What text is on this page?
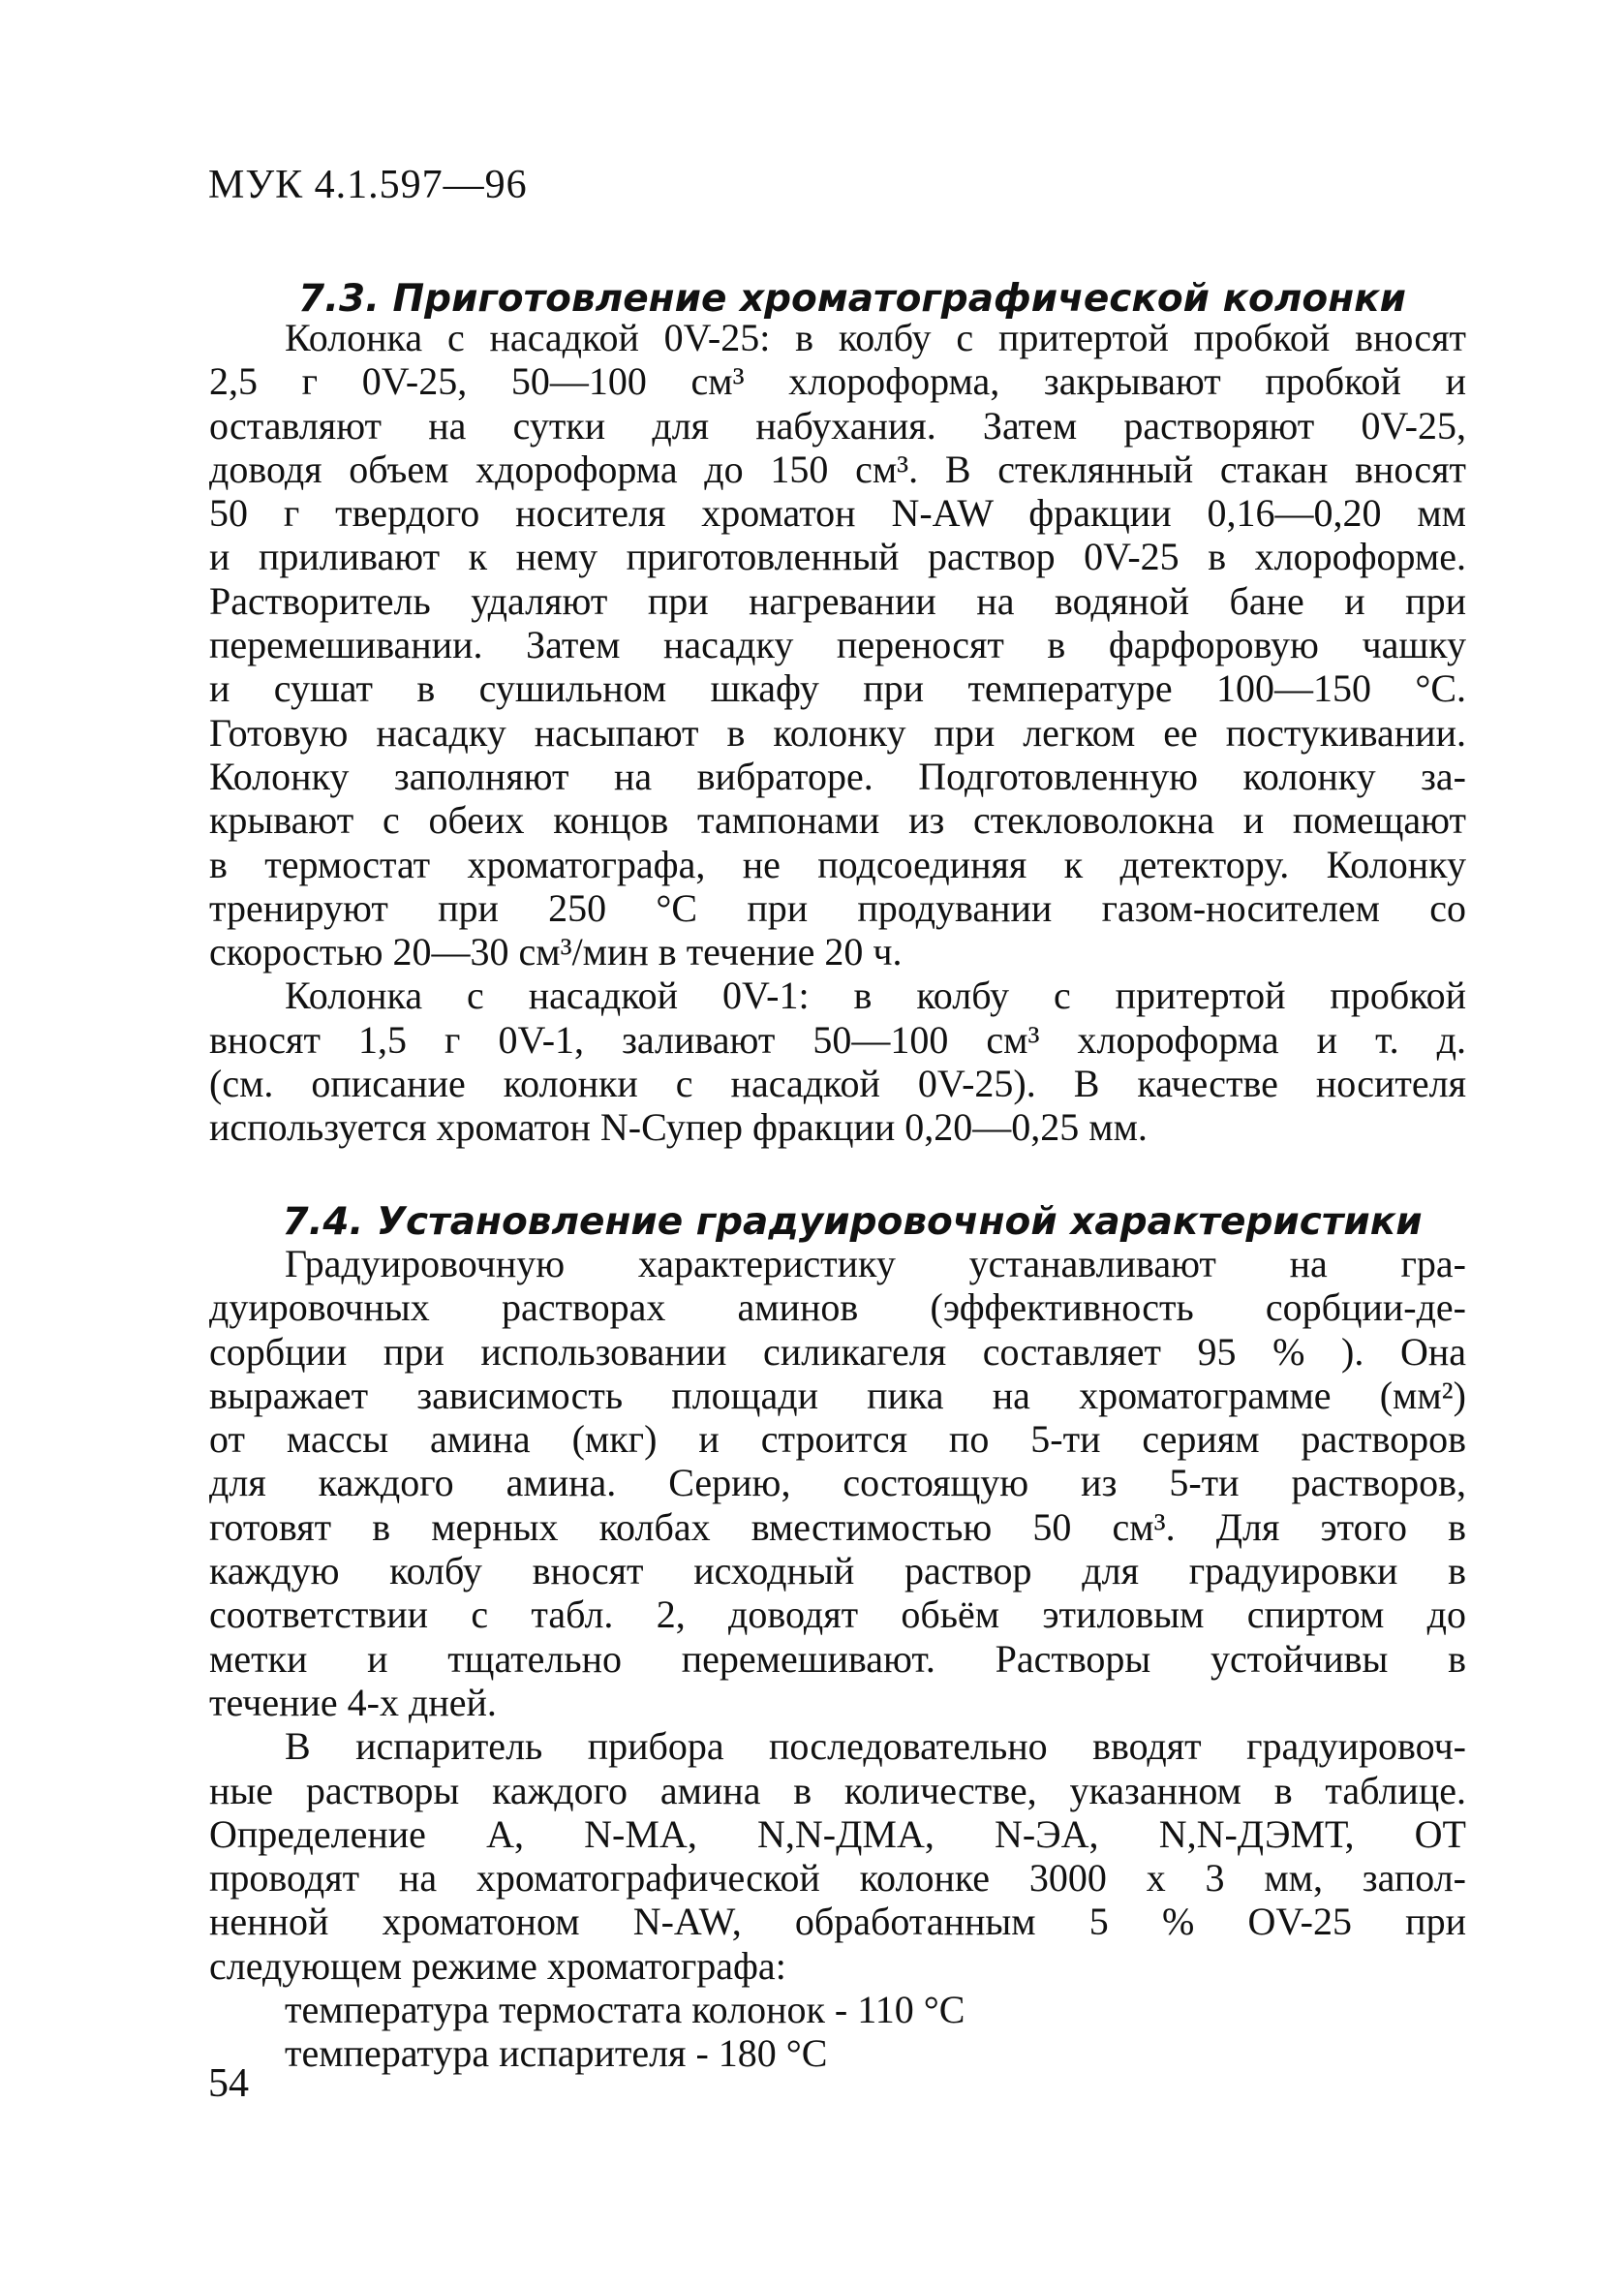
МУК 4.1.597—96
7.3. Приготовление хроматографической колонки
Колонка с насадкой 0V-25: в колбу с притертой пробкой вносят
2,5 г 0V-25, 50—100 см³ хлороформа, закрывают пробкой и
оставляют на сутки для набухания. Затем растворяют 0V-25,
доводя объем хдороформа до 150 см³. В стеклянный стакан вносят
50 г твердого носителя хроматон N-AW фракции 0,16—0,20 мм
и приливают к нему приготовленный раствор 0V-25 в хлороформе.
Растворитель удаляют при нагревании на водяной бане и при
перемешивании. Затем насадку переносят в фарфоровую чашку
и сушат в сушильном шкафу при температуре 100—150 °С.
Готовую насадку насыпают в колонку при легком ее постукивании.
Колонку заполняют на вибраторе. Подготовленную колонку за-
крывают с обеих концов тампонами из стекловолокна и помещают
в термостат хроматографа, не подсоединяя к детектору. Колонку
тренируют при 250 °С при продувании газом-носителем со
скоростью 20—30 см³/мин в течение 20 ч.
Колонка с насадкой 0V-1: в колбу с притертой пробкой
вносят 1,5 г 0V-1, заливают 50—100 см³ хлороформа и т. д.
(см. описание колонки с насадкой 0V-25). В качестве носителя
используется хроматон N-Супер фракции 0,20—0,25 мм.
7.4. Установление градуировочной характеристики
Градуировочную характеристику устанавливают на гра-
дуировочных растворах аминов (эффективность сорбции-де-
сорбции при использовании силикагеля составляет 95 % ). Она
выражает зависимость площади пика на хроматограмме (мм²)
от массы амина (мкг) и строится по 5-ти сериям растворов
для каждого амина. Серию, состоящую из 5-ти растворов,
готовят в мерных колбах вместимостью 50 см³. Для этого в
каждую колбу вносят исходный раствор для градуировки в
соответствии с табл. 2, доводят обьём этиловым спиртом до
метки и тщательно перемешивают. Растворы устойчивы в
течение 4-х дней.
В испаритель прибора последовательно вводят градуировоч-
ные растворы каждого амина в количестве, указанном в таблице.
Определение А, N-МА, N,N-ДМА, N-ЭА, N,N-ДЭМТ, ОТ
проводят на хроматографической колонке 3000 х 3 мм, запол-
ненной хроматоном N-AW, обработанным 5 % OV-25 при
следующем режиме хроматографа:
температура термостата колонок - 110 °С
температура испарителя - 180 °С
54
